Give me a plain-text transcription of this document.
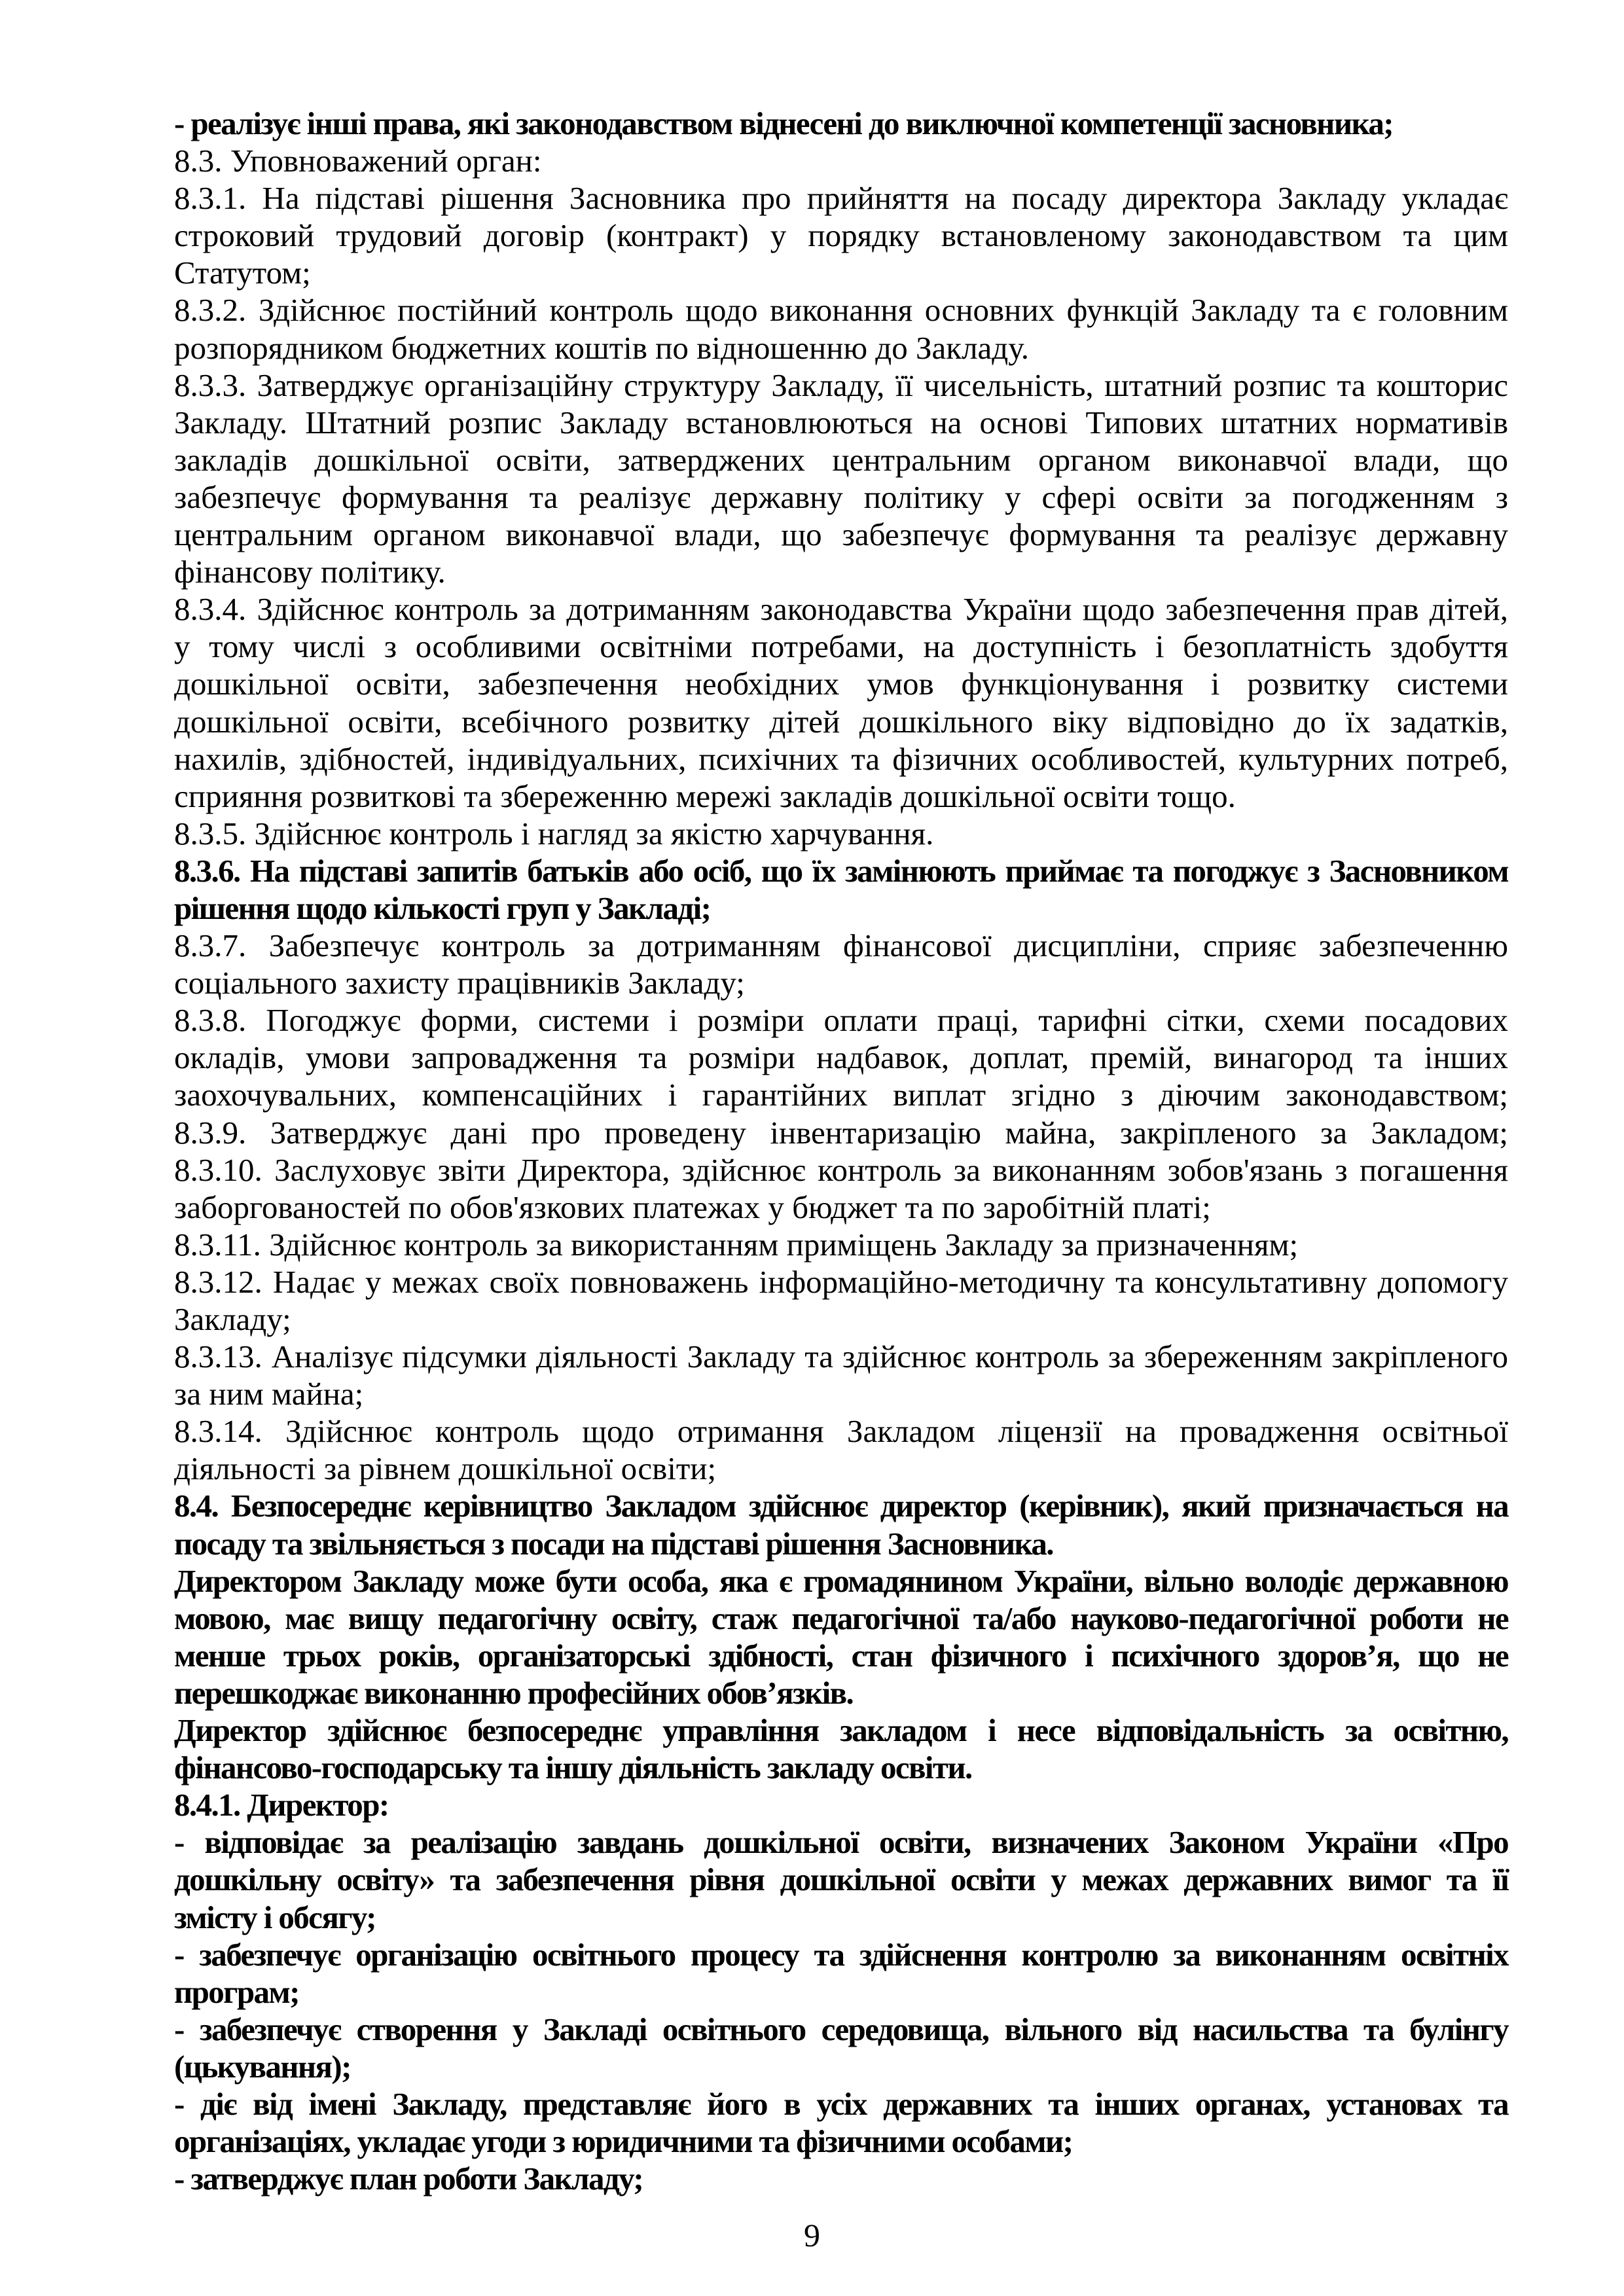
- реалізує інші права, які законодавством віднесені до виключної компетенції засновника;
8.3. Уповноважений орган:
8.3.1. На підставі рішення Засновника про прийняття на посаду директора Закладу укладає
строковий трудовий договір (контракт) у порядку встановленому законодавством та цим
Статутом;
8.3.2. Здійснює постійний контроль щодо виконання основних функцій Закладу та є головним
розпорядником бюджетних коштів по відношенню до Закладу.
8.3.3. Затверджує організаційну структуру Закладу, її чисельність, штатний розпис та кошторис
Закладу. Штатний розпис Закладу встановлюються на основі Типових штатних нормативів
закладів дошкільної освіти, затверджених центральним органом виконавчої влади, що
забезпечує формування та реалізує державну політику у сфері освіти за погодженням з
центральним органом виконавчої влади, що забезпечує формування та реалізує державну
фінансову політику.
8.3.4. Здійснює контроль за дотриманням законодавства України щодо забезпечення прав дітей,
у тому числі з особливими освітніми потребами, на доступність і безоплатність здобуття
дошкільної освіти, забезпечення необхідних умов функціонування і розвитку системи
дошкільної освіти, всебічного розвитку дітей дошкільного віку відповідно до їх задатків,
нахилів, здібностей, індивідуальних, психічних та фізичних особливостей, культурних потреб,
сприяння розвиткові та збереженню мережі закладів дошкільної освіти тощо.
8.3.5. Здійснює контроль і нагляд за якістю харчування.
8.3.6. На підставі запитів батьків або осіб, що їх замінюють приймає та погоджує з Засновником
рішення щодо кількості груп у Закладі;
8.3.7. Забезпечує контроль за дотриманням фінансової дисципліни, сприяє забезпеченню
соціального захисту працівників Закладу;
8.3.8. Погоджує форми, системи і розміри оплати праці, тарифні сітки, схеми посадових
окладів, умови запровадження та розміри надбавок, доплат, премій, винагород та інших
заохочувальних, компенсаційних і гарантійних виплат згідно з діючим законодавством;
8.3.9. Затверджує дані про проведену інвентаризацію майна, закріпленого за Закладом;
8.3.10. Заслуховує звіти Директора, здійснює контроль за виконанням зобов'язань з погашення
заборгованостей по обов'язкових платежах у бюджет та по заробітній платі;
8.3.11. Здійснює контроль за використанням приміщень Закладу за призначенням;
8.3.12. Надає у межах своїх повноважень інформаційно-методичну та консультативну допомогу
Закладу;
8.3.13. Аналізує підсумки діяльності Закладу та здійснює контроль за збереженням закріпленого
за ним майна;
8.3.14. Здійснює контроль щодо отримання Закладом ліцензії на провадження освітньої
діяльності за рівнем дошкільної освіти;
8.4. Безпосереднє керівництво Закладом здійснює директор (керівник), який призначається на
посаду та звільняється з посади на підставі рішення Засновника.
Директором Закладу може бути особа, яка є громадянином України, вільно володіє державною
мовою, має вищу педагогічну освіту, стаж педагогічної та/або науково-педагогічної роботи не
менше трьох років, організаторські здібності, стан фізичного і психічного здоров’я, що не
перешкоджає виконанню професійних обов’язків.
Директор здійснює безпосереднє управління закладом і несе відповідальність за освітню,
фінансово-господарську та іншу діяльність закладу освіти.
8.4.1. Директор:
- відповідає за реалізацію завдань дошкільної освіти, визначених Законом України «Про
дошкільну освіту» та забезпечення рівня дошкільної освіти у межах державних вимог та її
змісту і обсягу;
- забезпечує організацію освітнього процесу та здійснення контролю за виконанням освітніх
програм;
- забезпечує створення у Закладі освітнього середовища, вільного від насильства та булінгу
(цькування);
- діє від імені Закладу, представляє його в усіх державних та інших органах, установах та
організаціях, укладає угоди з юридичними та фізичними особами;
- затверджує план роботи Закладу;
9
